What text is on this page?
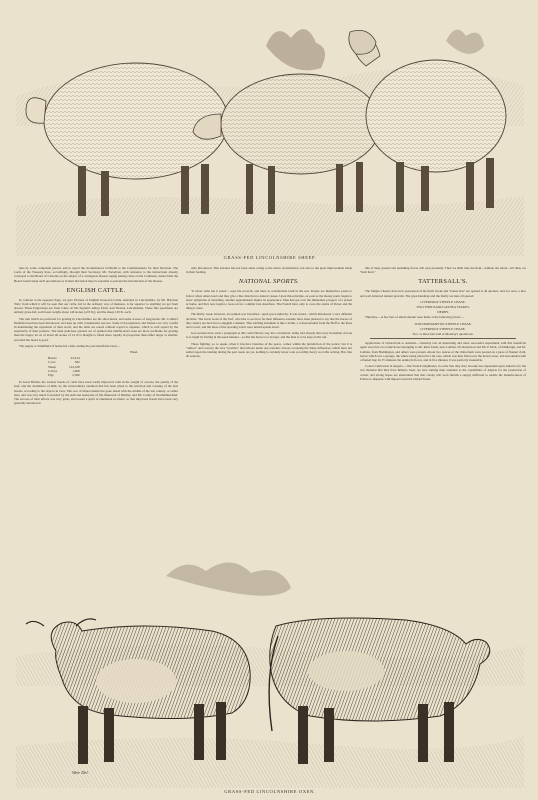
GRASS-FED LINCOLNSHIRE SHEEP.

ness by some competent person, and to report the circumstances forthwith to the Commissioners for their direction. The Lords of the Treasury have, accordingly, through their Secretary, Mr. Trevelyan, with reference to the instructions already conveyed to the Board of Customs on the subject of a contagious disease raging among cattle on the Continent, desired that the Board would adopt such precautions as in their discretion may be requisite to prevent the introduction of the disease.

ENGLISH CATTLE.

In contrast to the opposite Page, we give Pictures of English Grass-fed Cattle, sketched in Lincolnshire, by Mr. Harrison Weir; from which it will be seen that our cattle, fed in the ordinary way of business, is far superior to anything we get from abroad. These Engravings are from Cattle on Mr. Ingram's Abbey Farm, near Boston, Lincolnshire. These fine specimens are entirely grass-fed; each beast weighs about 140 stones (of 8 lb.); and the sheep 120 lb. each.

The ram which are preferred for grazing in Lincolnshire are the short-horns, and some crosses of long-horns. Mr. Collins's Durham breed has been introduced, and kept up with considerable success. Some rich proprietors and farmers are very careful in maintaining the reputation of their stock; and the bulls are reared without regard to expense, which is well repaid by the superiority of their produce. The most judicious graziers are of opinion that middle-sized oxen are more profitable for grazing than the larger; an ox of about 40 stones of 14 lb is thought to fatten more rapidly in proportion than either larger or smaller, provided the breed is good.

The supply to Smithfield of home-fed cattle, during the past month has been:—

Head.
Beasts	23,014
Cows	392
Sheep	124,328
Calves	1,008
Pigs	2,306

In Great Britain, the various breeds of cattle have been vastly improved, both in the weight of carcase, the quality of the beef, and the abundance of milk, by the extraordinary attention that has been given to the selection and crossing of the best breeds, according to the objects in view. This sort of improvement has gone ahead with the middle of the last century, or rather later, and was very much forwarded by the skill and enterprise of Mr. Bakewell of Dishley, and Mr. Colley of Northumberland. The success of their efforts was very great, and roused a spirit of emulation in others; so that improved breeds have been very generally introduced.

rally introduced. This advance has not been alone owing to the above circumstance, but also to the great improvement made in their feeding.

NATIONAL SPORTS.

"It never rains but it pours"—says the proverb; and there is considerable truth in the saw. People are themselves prone to follow when others lead; and they give a like direction to natural causes. Upon this principle, as soon as the money panic began to show symptoms of subsiding, another apprehension makes its appearance. Men had got over the immediate prospect of a prison at home, and they now begin to look out for a similar fate elsewhere. The French have only to cross the straits of Dover and the thing is done.

The Derby week, however, an opinion was broached—upon good authority. It was stated—which introduced a very different doctrine. The Great Gods of the Turf, who like to see how far their influence extends, have been pleased to say that the horses of this country are bred in too sluggish a manner. This startling statement is like a bomb, a conversationist from the Hoff to the Rose and Crown, and the ideas of the sporting world were turned upside down.

Gee-workers how such a paragraph as this could find its way into circulation, being told already that every horseman of note is to begin by betting in the usual manner—so that the horse is to be kept, and the man is to be kept on the run.

These fighting, so to speak, when it involves branches of the peace, comes within the jurisdiction of the police; but it is "almost" and scarcely the very "positive" that labours under any restraint: always accepting the Sikey influences, which have not settled upon the training during the past week. As yet, nothing is certainly never rode so terribly heavy as at this writing. But, like all seasons,

this of deep ground and punishing forces will pass presently. Then we shall take the field—without the blood—till then, we "hold hard."

TATTERSALL'S.

The Simple Chasers have now possession of the field; books and "bonus bets" are opened to all quarters, and, for once, a nice and well-balanced market prevails. The great handicap and the Derby are here all quoted:

LIVERPOOL STEEPLE CHASE.
TWO THOUSAND GUINEA STAKES.
DERBY.

Thursday.—A few bets of small amount were made at the following prices:—

WOLVERHAMPTON STEEPLE CHASE.
LIVERPOOL STEEPLE CHASE.
Two or three bets laid at Monday's quotations.

Application of Chloroform to Animals.—Saturday last an interesting and most successful experiment with this beneficial agent was tried on a lame horse belonging to Mr. Reid, Dean, near Lothian. Dr. Robertson and Mr. P. Dick, of Edinburgh, and Dr. Lothian, from Haddington, and others were present. About two ounces of the chloroform were poured on a piece of flannel cloth, below which was a sponge, the whole being placed in a tin case, which was then fitted over the horse's nose, and surrounded with a flannel bag. In 3½ minutes the animal fell over, and in five minutes it was perfectly insensible.

Cotton Cultivation in Algeria.—Our French neighbours, in order that they may become less dependent upon America for the raw material that they have hitherto been, are now turning their attention to the capabilities of Algeria for the production of cotton; and strong hopes are entertained that that colony will soon furnish a supply sufficient to enable the manufacturers of France to dispense with imports from the United States.

Weir Del.
GRASS-FED LINCOLNSHIRE OXEN.
